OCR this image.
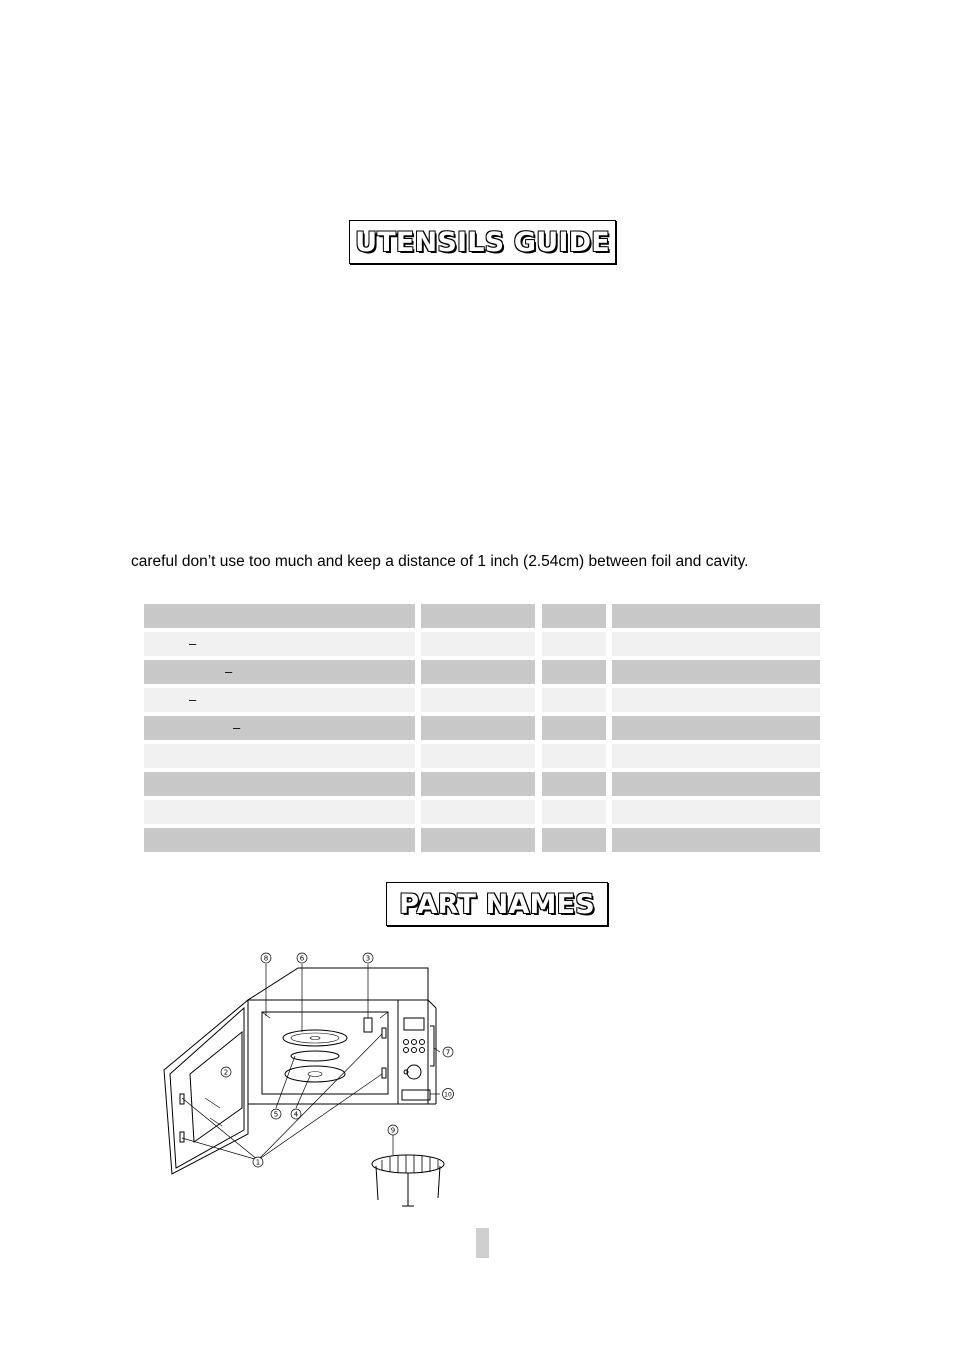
UTENSILS GUIDE
careful don’t use too much and keep a distance of 1 inch (2.54cm) between foil and cavity.
–
–
–
–
PART NAMES
8	6	3
2
7
10
5 4
9
1
